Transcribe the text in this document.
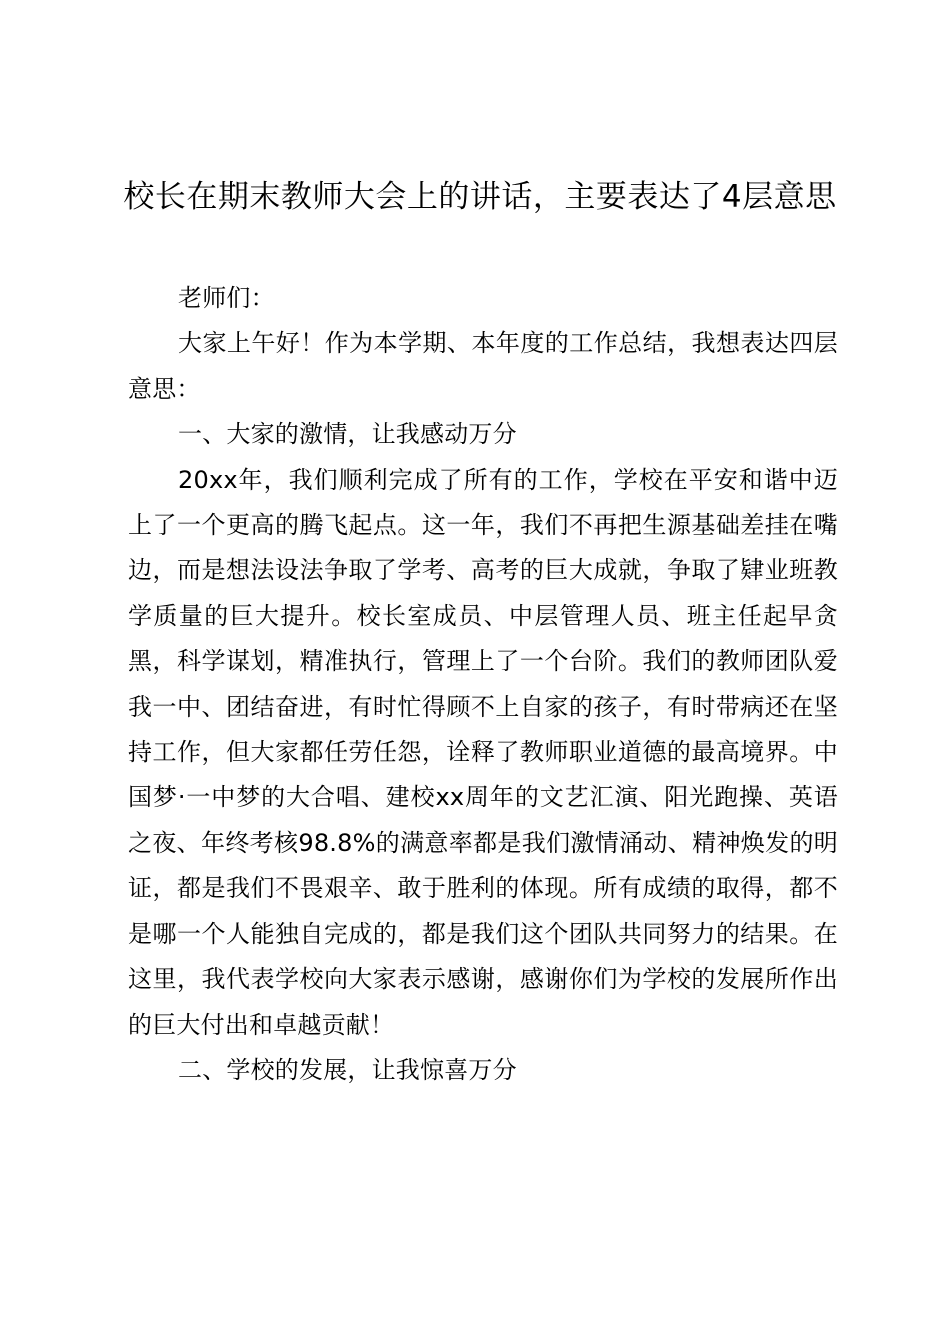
校长在期末教师大会上的讲话，主要表达了4层意思

老师们：

大家上午好！作为本学期、本年度的工作总结，我想表达四层意思：

一、大家的激情，让我感动万分

20xx年，我们顺利完成了所有的工作，学校在平安和谐中迈上了一个更高的腾飞起点。这一年，我们不再把生源基础差挂在嘴边，而是想法设法争取了学考、高考的巨大成就，争取了肄业班教学质量的巨大提升。校长室成员、中层管理人员、班主任起早贪黑，科学谋划，精准执行，管理上了一个台阶。我们的教师团队爱我一中、团结奋进，有时忙得顾不上自家的孩子，有时带病还在坚持工作，但大家都任劳任怨，诠释了教师职业道德的最高境界。中国梦·一中梦的大合唱、建校xx周年的文艺汇演、阳光跑操、英语之夜、年终考核98.8%的满意率都是我们激情涌动、精神焕发的明证，都是我们不畏艰辛、敢于胜利的体现。所有成绩的取得，都不是哪一个人能独自完成的，都是我们这个团队共同努力的结果。在这里，我代表学校向大家表示感谢，感谢你们为学校的发展所作出的巨大付出和卓越贡献！

二、学校的发展，让我惊喜万分
